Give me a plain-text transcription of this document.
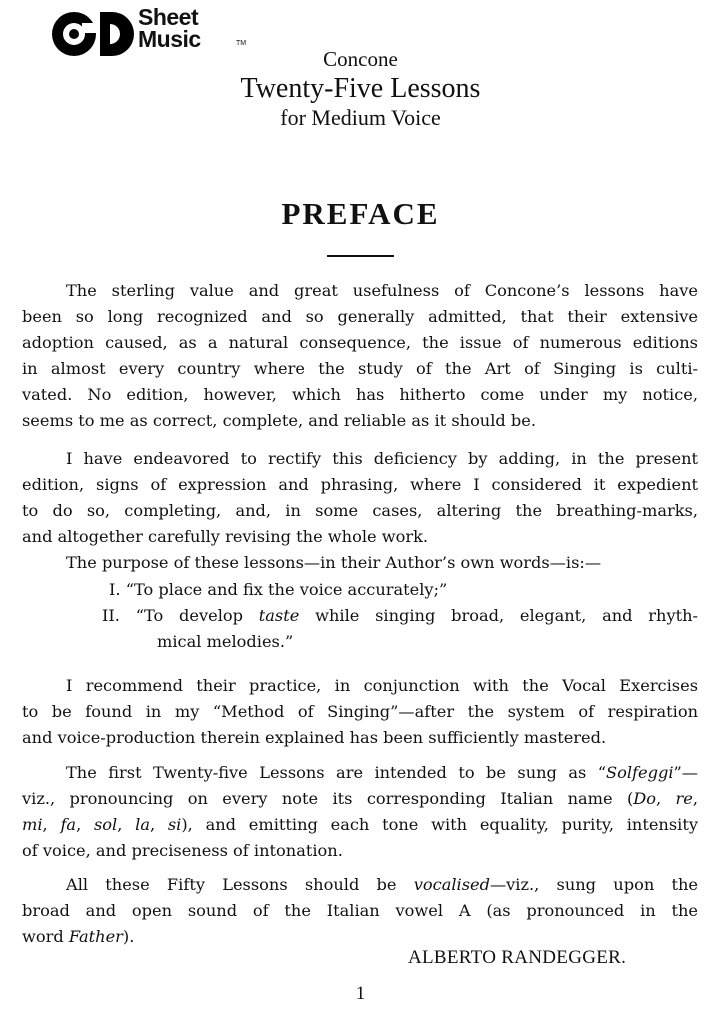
Sheet
Music	TM
Concone
Twenty-Five Lessons
for Medium Voice
PREFACE
The sterling value and great usefulness of Concone’s lessons have
been so long recognized and so generally admitted, that their extensive
adoption caused, as a natural consequence, the issue of numerous editions
in almost every country where the study of the Art of Singing is culti-
vated. No edition, however, which has hitherto come under my notice,
seems to me as correct, complete, and reliable as it should be.
I have endeavored to rectify this deficiency by adding, in the present
edition, signs of expression and phrasing, where I considered it expedient
to do so, completing, and, in some cases, altering the breathing-marks,
and altogether carefully revising the whole work.
The purpose of these lessons—in their Author’s own words—is:—
I. “To place and fix the voice accurately;”
II. “To develop taste while singing broad, elegant, and rhyth-
mical melodies.”
I recommend their practice, in conjunction with the Vocal Exercises
to be found in my “Method of Singing”—after the system of respiration
and voice-production therein explained has been sufficiently mastered.
The first Twenty-five Lessons are intended to be sung as “Solfeggi”—
viz., pronouncing on every note its corresponding Italian name (Do, re,
mi, fa, sol, la, si), and emitting each tone with equality, purity, intensity
of voice, and preciseness of intonation.
All these Fifty Lessons should be vocalised—viz., sung upon the
broad and open sound of the Italian vowel A (as pronounced in the
word Father).
ALBERTO RANDEGGER.
1
